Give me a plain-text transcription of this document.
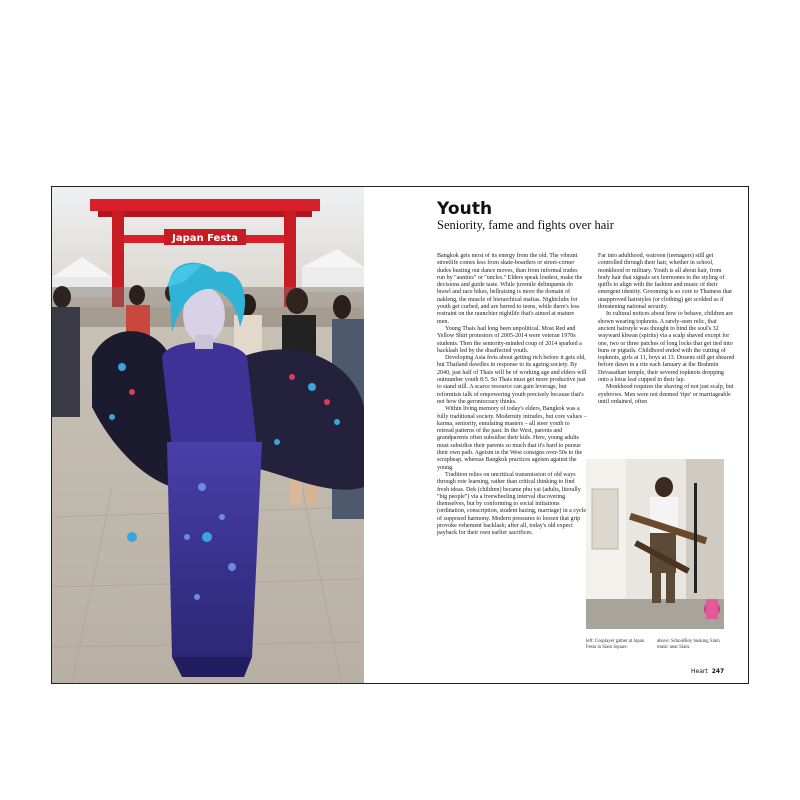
Japan Festa
Youth
Seniority, fame and fights over hair

Bangkok gets most of its energy from the old. The vibrant streetlife comes less from skate-boarders or street-corner dudes busting out dance moves, than from informal trades run by "aunties" or "uncles." Elders speak loudest, make the decisions and guide taste. While juvenile delinquents do brawl and race bikes, hellraising is more the domain of nakleng, the muscle of hierarchical mafias. Nightclubs for youth get curbed, and are barred to teens, while there's less restraint on the raunchier nightlife that's aimed at mature men.

Young Thais had long been unpolitical. Most Red and Yellow Shirt protestors of 2005-2014 were veteran 1970s students. Then the seniority-minded coup of 2014 sparked a backlash led by the disaffected youth.

Developing Asia frets about getting rich before it gets old, but Thailand dawdles in response to its ageing society. By 2040, just half of Thais will be of working age and elders will outnumber youth 8:5. So Thais must get more productive just to stand still. A scarce resource can gain leverage, but reformists talk of empowering youth precisely because that's not how the gerontocracy thinks.

Within living memory of today's elders, Bangkok was a fully traditional society. Modernity intrudes, but core values – karma, seniority, emulating masters – all steer youth to retread patterns of the past. In the West, parents and grandparents often subsidise their kids. Here, young adults must subsidise their parents so much that it's hard to pursue their own path. Ageism in the West consigns over-50s to the scrapheap, whereas Bangkok practices ageism against the young.

Tradition relies on uncritical transmission of old ways through rote learning, rather than critical thinking to find fresh ideas. Dek (children) became phu yai (adults, literally "big people") via a freewheeling interval discovering themselves, but by conforming to social initiations (ordination, conscription, student hazing, marriage) in a cycle of supposed harmony. Modern pressures to loosen that grip provoke vehement backlash; after all, today's old expect payback for their own earlier sacrifices.

Far into adulthood, wairoon (teenagers) still get controlled through their hair, whether in school, monkhood or military. Youth is all about hair, from body hair that signals sex hormones to the styling of quiffs to align with the fashion and music of their emergent identity. Grooming is so core to Thainess that unapproved hairstyles (or clothing) get scolded as if threatening national security.

In cultural notices about how to behave, children are shown wearing topknots. A rarely-seen relic, that ancient hairstyle was thought to bind the soul's 32 wayward khwan (spirits) via a scalp shaved except for one, two or three patches of long locks that get tied into buns or pigtails. Childhood ended with the cutting of topknots, girls at 11, boys at 13. Dozens still get sheared before dawn in a rite each January at the Brahmin Devasathan temple, their severed topknots dropping onto a lotus leaf cupped in their lap.

Monkhood requires the shaving of not just scalp, but eyebrows. Men were not deemed 'ripe' or marriageable until ordained, often

left: Cosplayer gather at Japan Festa in Siam Square.
above: SchoolBoy busking Siam music near Siam.
Heart 247
